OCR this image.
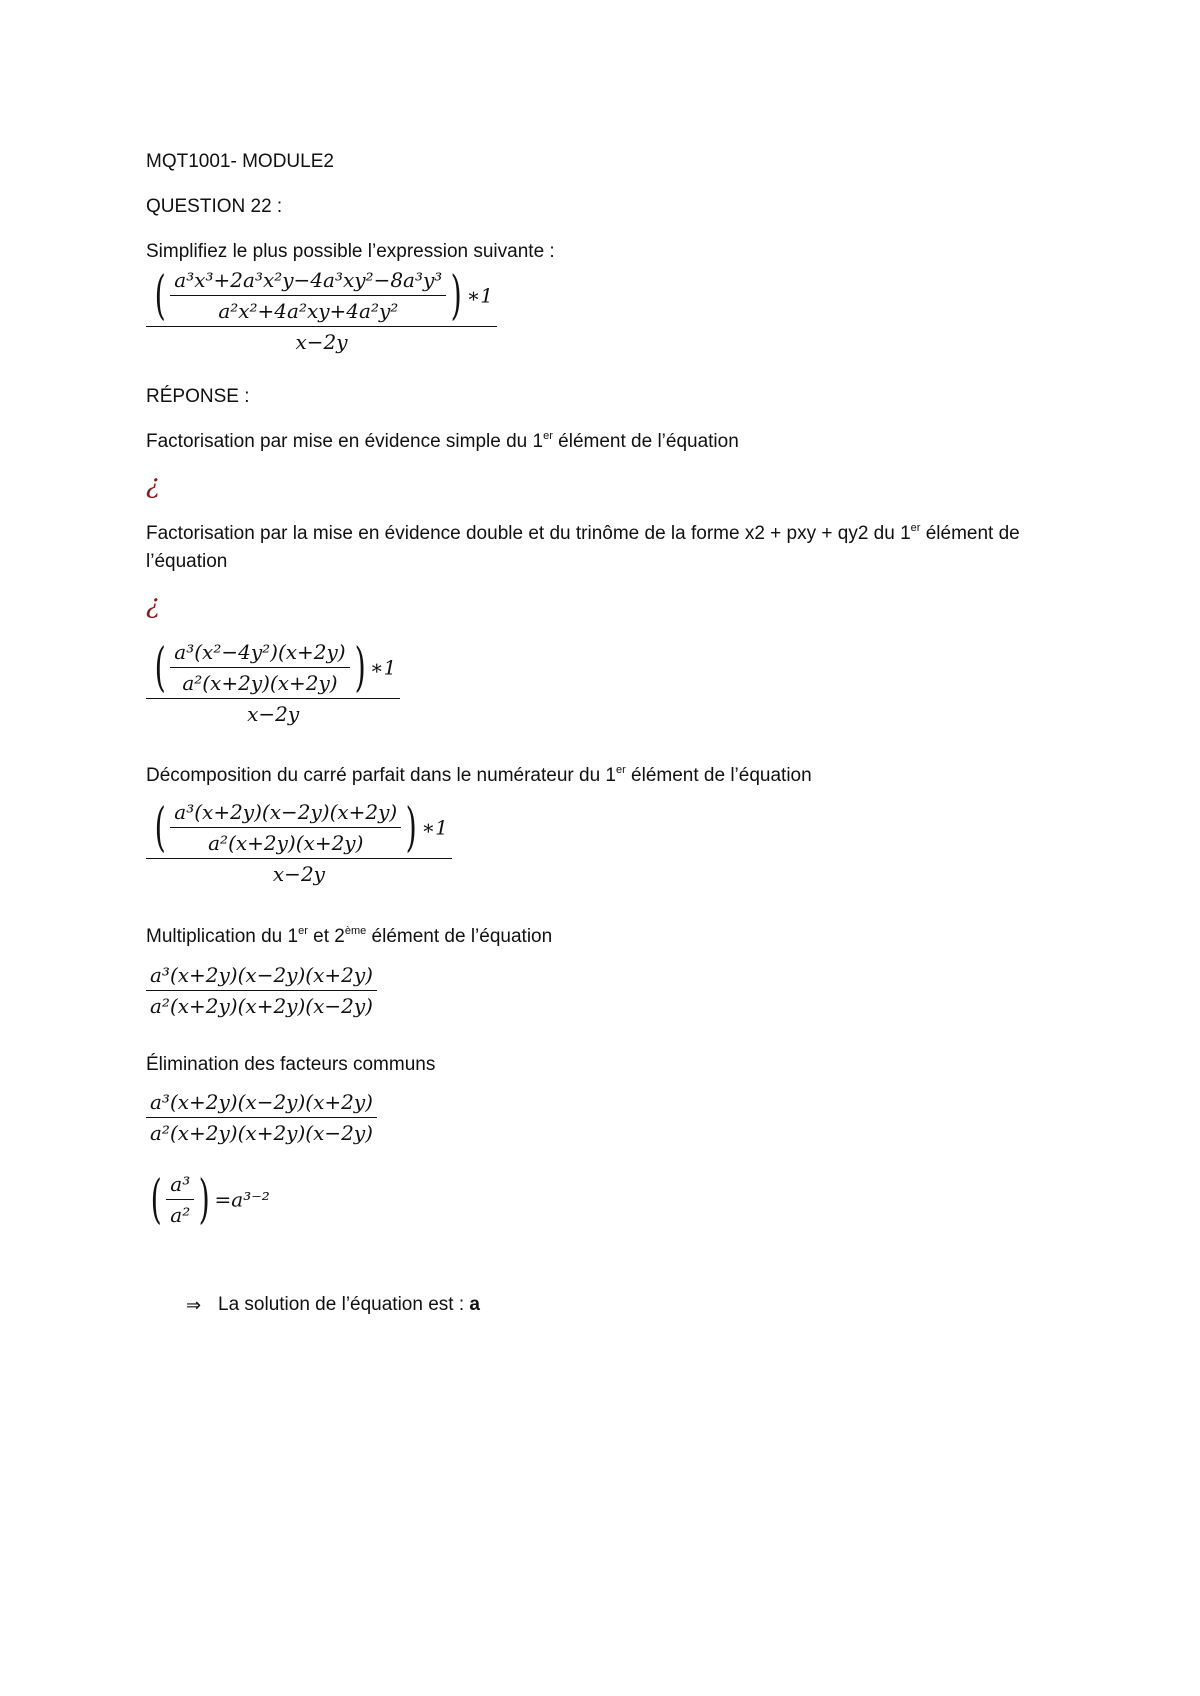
MQT1001- MODULE2
QUESTION 22 :
Simplifiez le plus possible l’expression suivante :
$\frac{( \frac{\text{a³x³+2a³x²y−4a³xy²−8a³y³}}{\text{a²x²+4a²xy+4a²y²}} ) ∗1}{x-2y}$
RÉPONSE :
Factorisation par mise en évidence simple du 1er élément de l’équation
¿
Factorisation par la mise en évidence double et du trinôme de la forme x2 + pxy + qy2 du 1er élément de l’équation
¿
$\frac{( \frac{\text{a³(x²−4y²)(x+2y)}}{\text{a²(x+2y)(x+2y)}} ) ∗1}{x-2y}$
Décomposition du carré parfait dans le numérateur du 1er élément de l’équation
$\frac{( \frac{\text{a³(x+2y)(x−2y)(x+2y)}}{\text{a²(x+2y)(x+2y)}} ) ∗1}{x-2y}$
Multiplication du 1er et 2ème élément de l’équation
$\frac{\text{a³(x+2y)(x−2y)(x+2y)}}{\text{a²(x+2y)(x+2y)(x−2y)}}$
Élimination des facteurs communs
$\frac{\text{a³(x+2y)(x−2y)(x+2y)}}{\text{a²(x+2y)(x+2y)(x−2y)}}$
( $\frac{\text{a³}}{\text{a²}}$ ) =a³⁻²
⇒ La solution de l’équation est : a
